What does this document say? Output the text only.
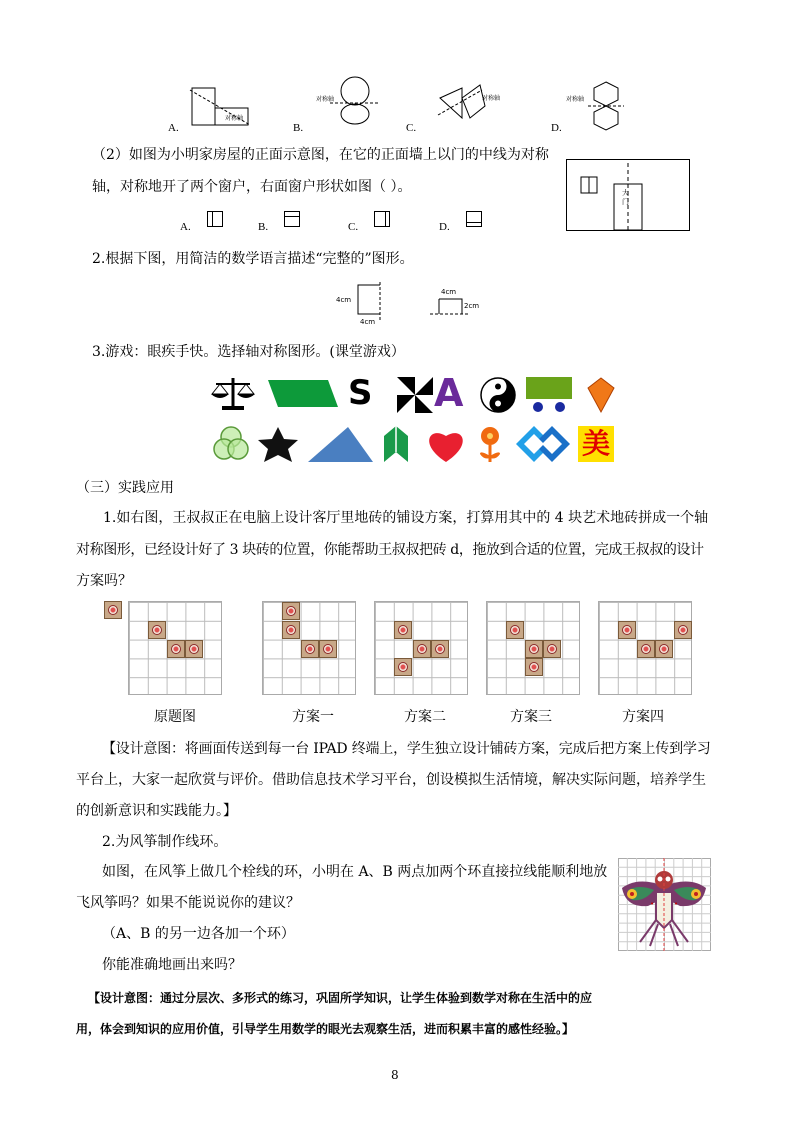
对称轴
对称轴	对称轴	对称轴
A.	B.	C.	D.
（2）如图为小明家房屋的正面示意图，在它的正面墙上以门的中线为对称
轴，对称地开了两个窗户，右面窗户形状如图（ ）。	大门
A.	B.	C.	D.
2.根据下图，用简洁的数学语言描述“完整的”图形。
4cm
4cm
4cm
2cm
3.游戏：眼疾手快。选择轴对称图形。(课堂游戏）
S A
美
（三）实践应用
1.如右图，王叔叔正在电脑上设计客厅里地砖的铺设方案，打算用其中的 4 块艺术地砖拼成一个轴
对称图形，已经设计好了 3 块砖的位置，你能帮助王叔叔把砖 d，拖放到合适的位置，完成王叔叔的设计
方案吗？
原题图	方案一	方案二	方案三	方案四
【设计意图：将画面传送到每一台 IPAD 终端上，学生独立设计铺砖方案，完成后把方案上传到学习
平台上，大家一起欣赏与评价。借助信息技术学习平台，创设模拟生活情境，解决实际问题，培养学生
的创新意识和实践能力。】
2.为风筝制作线环。
如图，在风筝上做几个栓线的环，小明在 A、B 两点加两个环直接拉线能顺利地放
飞风筝吗？如果不能说说你的建议？
（A、B 的另一边各加一个环）
你能准确地画出来吗？
•	•
【设计意图：通过分层次、多形式的练习，巩固所学知识，让学生体验到数学对称在生活中的应
用，体会到知识的应用价值，引导学生用数学的眼光去观察生活，进而积累丰富的感性经验。】
8
